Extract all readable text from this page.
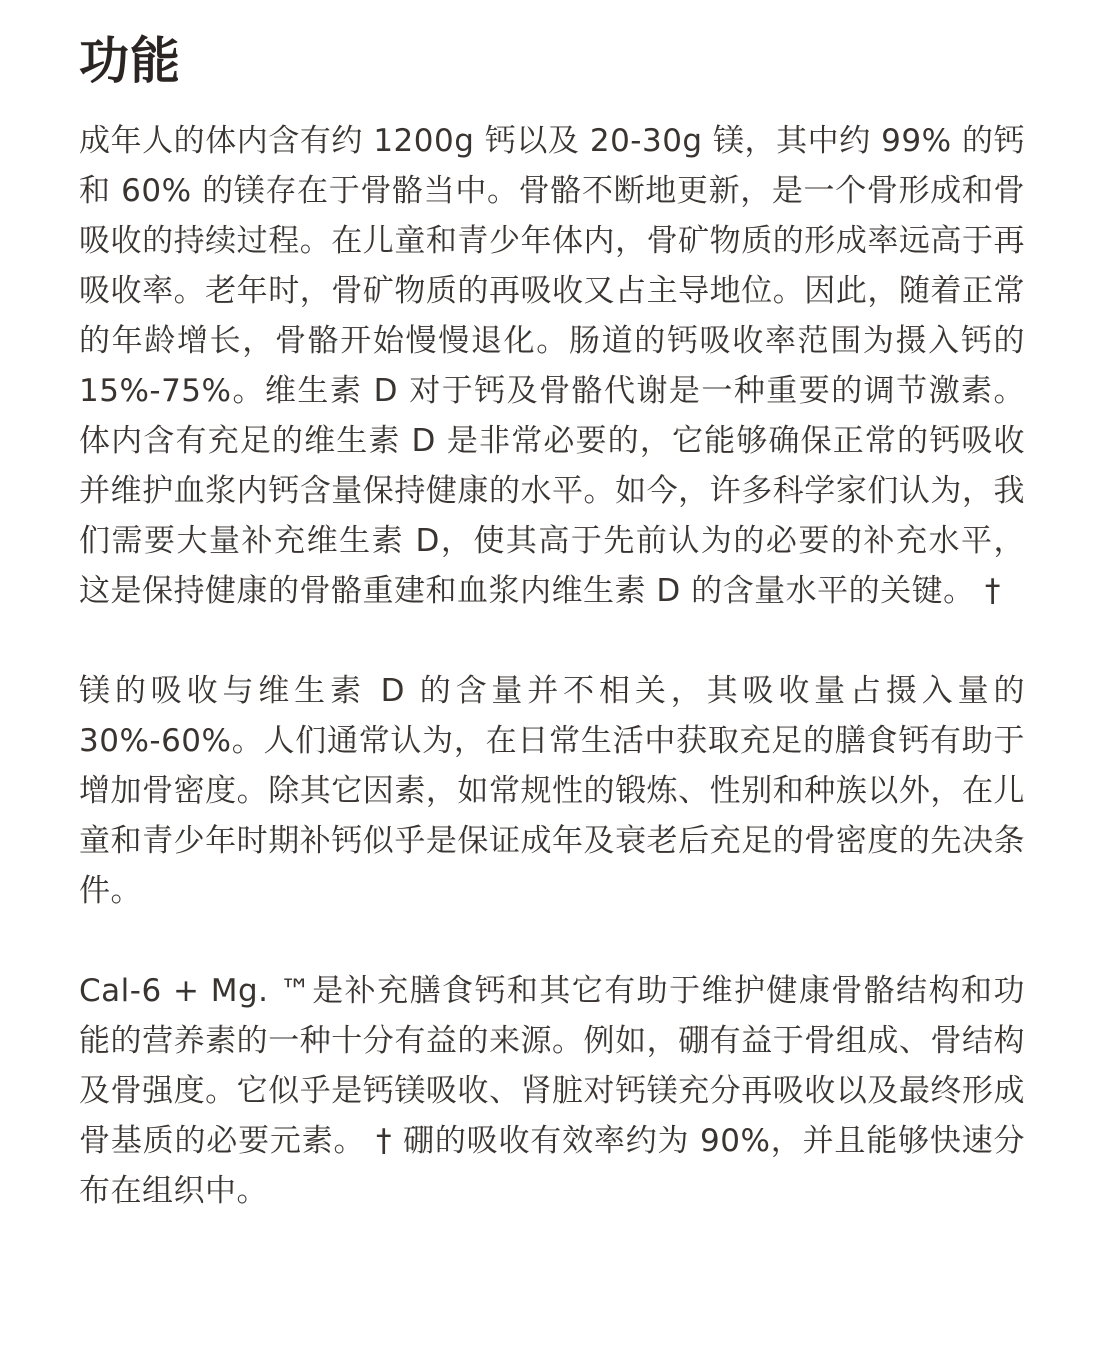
功能

成年人的体内含有约 1200g 钙以及 20-30g 镁，其中约 99% 的钙和 60% 的镁存在于骨骼当中。骨骼不断地更新，是一个骨形成和骨吸收的持续过程。在儿童和青少年体内，骨矿物质的形成率远高于再吸收率。老年时，骨矿物质的再吸收又占主导地位。因此，随着正常的年龄增长，骨骼开始慢慢退化。肠道的钙吸收率范围为摄入钙的 15%-75%。维生素 D 对于钙及骨骼代谢是一种重要的调节激素。体内含有充足的维生素 D 是非常必要的，它能够确保正常的钙吸收并维护血浆内钙含量保持健康的水平。如今，许多科学家们认为，我们需要大量补充维生素 D，使其高于先前认为的必要的补充水平，这是保持健康的骨骼重建和血浆内维生素 D 的含量水平的关键。 †

镁的吸收与维生素 D 的含量并不相关，其吸收量占摄入量的 30%-60%。人们通常认为，在日常生活中获取充足的膳食钙有助于增加骨密度。除其它因素，如常规性的锻炼、性别和种族以外，在儿童和青少年时期补钙似乎是保证成年及衰老后充足的骨密度的先决条件。

Cal-6 + Mg. ™是补充膳食钙和其它有助于维护健康骨骼结构和功能的营养素的一种十分有益的来源。例如，硼有益于骨组成、骨结构及骨强度。它似乎是钙镁吸收、肾脏对钙镁充分再吸收以及最终形成骨基质的必要元素。 † 硼的吸收有效率约为 90%，并且能够快速分布在组织中。
